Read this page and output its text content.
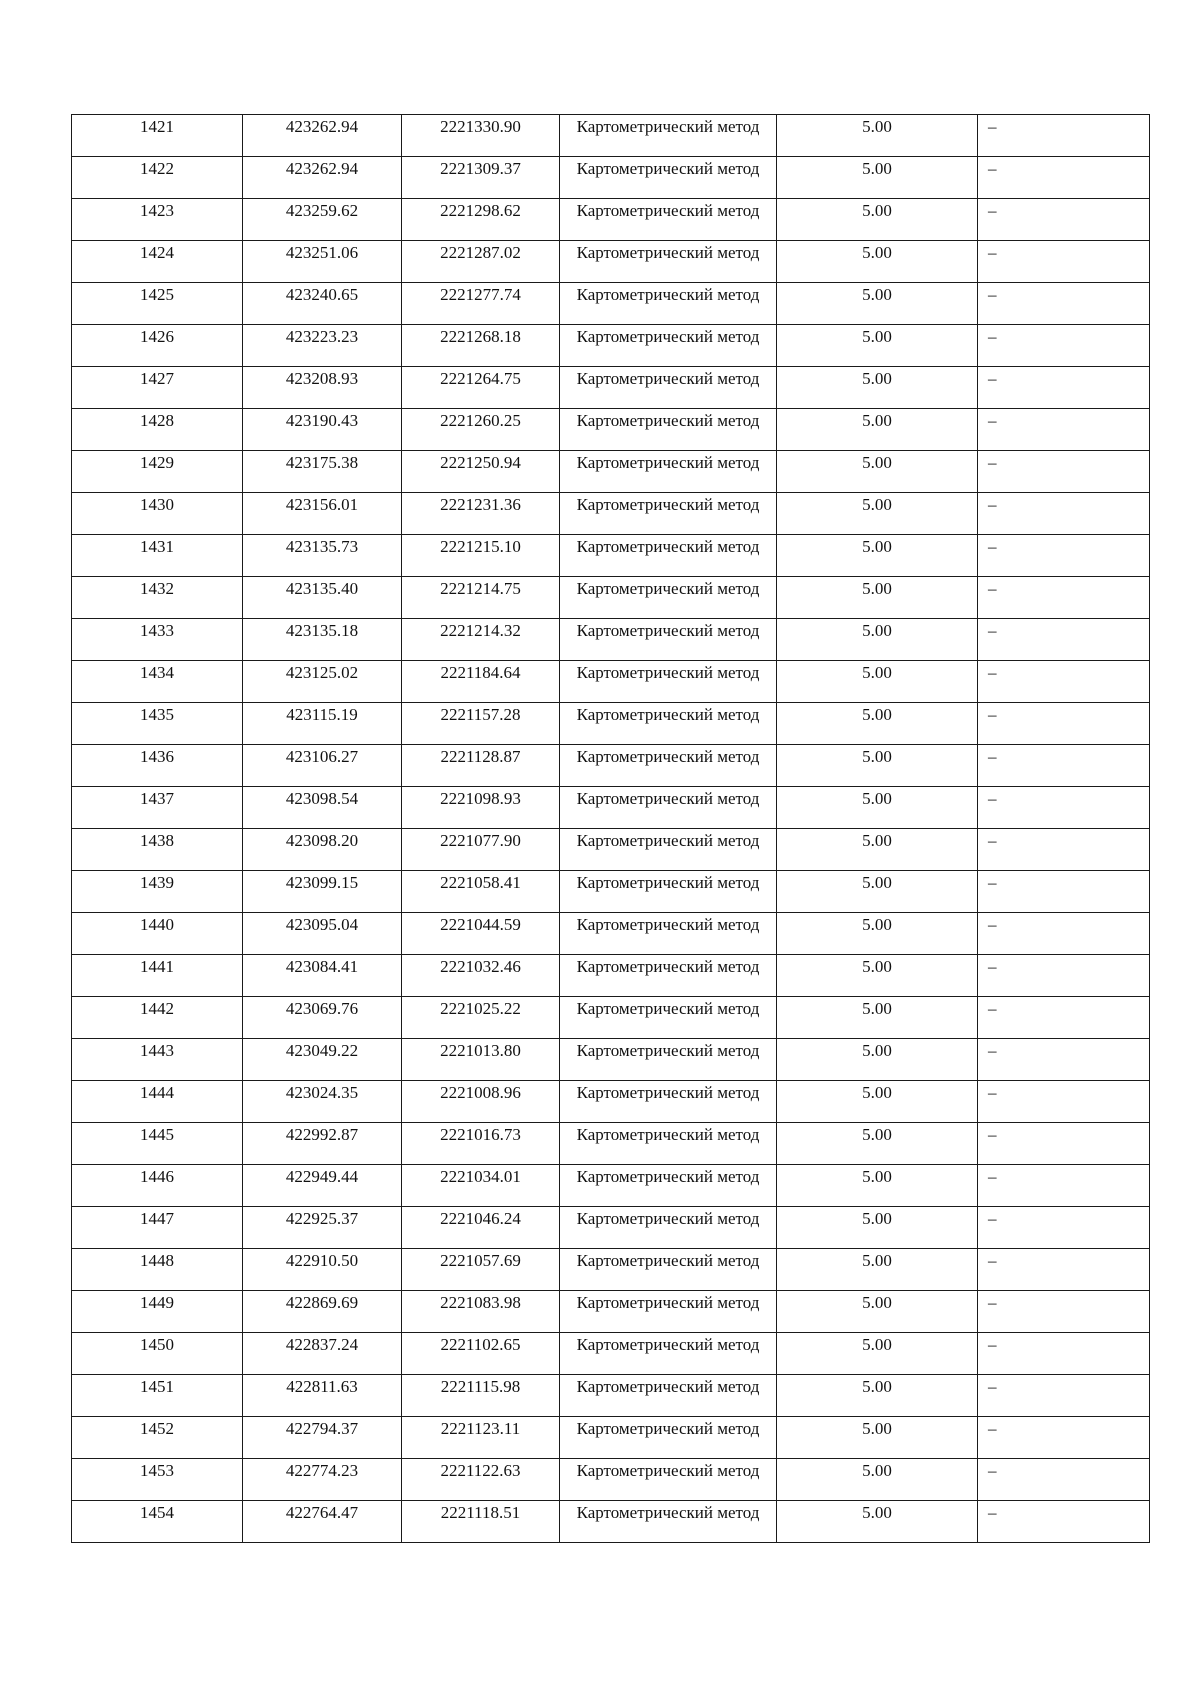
1421	423262.94	2221330.90	Картометрический метод	5.00	–

1422	423262.94	2221309.37	Картометрический метод	5.00	–

1423	423259.62	2221298.62	Картометрический метод	5.00	–

1424	423251.06	2221287.02	Картометрический метод	5.00	–

1425	423240.65	2221277.74	Картометрический метод	5.00	–

1426	423223.23	2221268.18	Картометрический метод	5.00	–

1427	423208.93	2221264.75	Картометрический метод	5.00	–

1428	423190.43	2221260.25	Картометрический метод	5.00	–

1429	423175.38	2221250.94	Картометрический метод	5.00	–

1430	423156.01	2221231.36	Картометрический метод	5.00	–

1431	423135.73	2221215.10	Картометрический метод	5.00	–

1432	423135.40	2221214.75	Картометрический метод	5.00	–

1433	423135.18	2221214.32	Картометрический метод	5.00	–

1434	423125.02	2221184.64	Картометрический метод	5.00	–

1435	423115.19	2221157.28	Картометрический метод	5.00	–

1436	423106.27	2221128.87	Картометрический метод	5.00	–

1437	423098.54	2221098.93	Картометрический метод	5.00	–

1438	423098.20	2221077.90	Картометрический метод	5.00	–

1439	423099.15	2221058.41	Картометрический метод	5.00	–

1440	423095.04	2221044.59	Картометрический метод	5.00	–

1441	423084.41	2221032.46	Картометрический метод	5.00	–

1442	423069.76	2221025.22	Картометрический метод	5.00	–

1443	423049.22	2221013.80	Картометрический метод	5.00	–

1444	423024.35	2221008.96	Картометрический метод	5.00	–

1445	422992.87	2221016.73	Картометрический метод	5.00	–

1446	422949.44	2221034.01	Картометрический метод	5.00	–

1447	422925.37	2221046.24	Картометрический метод	5.00	–

1448	422910.50	2221057.69	Картометрический метод	5.00	–

1449	422869.69	2221083.98	Картометрический метод	5.00	–

1450	422837.24	2221102.65	Картометрический метод	5.00	–

1451	422811.63	2221115.98	Картометрический метод	5.00	–

1452	422794.37	2221123.11	Картометрический метод	5.00	–

1453	422774.23	2221122.63	Картометрический метод	5.00	–

1454	422764.47	2221118.51	Картометрический метод	5.00	–
